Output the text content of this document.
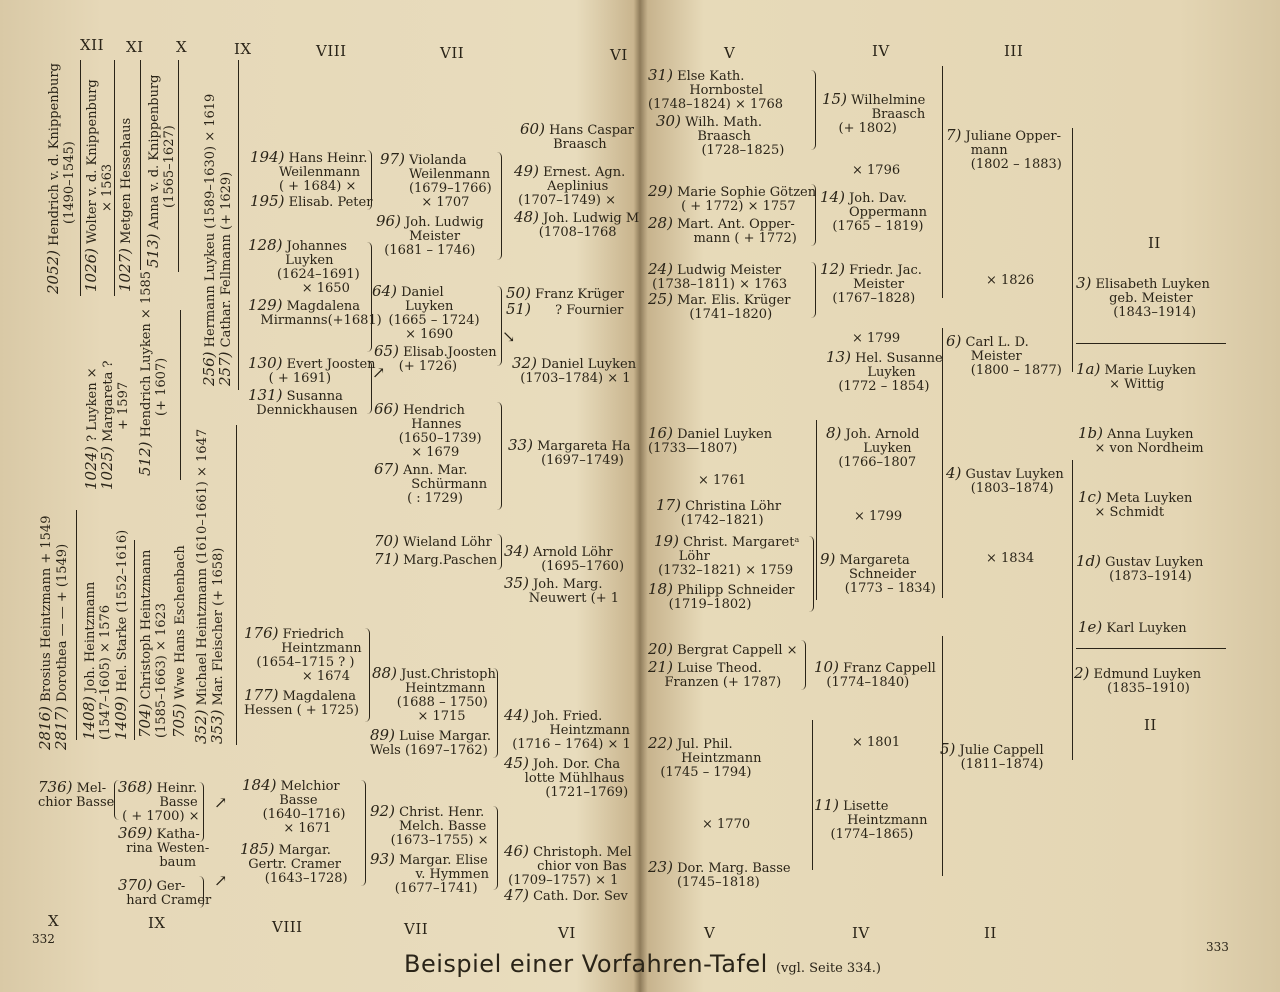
XII XI X	IX	VIII	VII	VI
2052) Hendrich v. d. Knippenburg
(1490–1545)
1026) Wolter v. d. Knippenburg
× 1563
1027) Metgen Hessehaus
513) Anna v. d. Knippenburg
(1565–1627)
1024) ? Luyken ×
1025) Margareta ?
+ 1597
512) Hendrich Luyken × 1585
(+ 1607) 256) Hermann Luykeu (1589–1630) × 1619
257) Cathar. Fellmann (+ 1629)
2816) Brosius Heintzmann + 1549
2817) Dorothea — — + (1549)
1408) Joh. Heintzmann
(1547–1605) × 1576 1409) Hel. Starke (1552–1616)
704) Christoph Heintzmann
(1585–1663) × 1623 705) Wwe Hans Eschenbach
352) Michael Heintzmann (1610–1661) × 1647
353) Mar. Fleischer (+ 1658)
194) Hans Heinr.
Weilenmann
( + 1684) ×
195) Elisab. Peter
128) Johannes
Luyken
(1624–1691)
× 1650
129) Magdalena
Mirmanns(+1681)
130) Evert Joosten
( + 1691)
131) Susanna
Dennickhausen
97) Violanda
Weilenmann
(1679–1766)
× 1707
96) Joh. Ludwig
Meister
(1681 – 1746)
64) Daniel
Luyken
(1665 – 1724)
× 1690
65) Elisab.Joosten
(+ 1726)
66) Hendrich
Hannes
(1650–1739)
× 1679
67) Ann. Mar.
Schürmann
( : 1729)
70) Wieland Löhr
71) Marg.Paschen
60) Hans Caspar
Braasch
49) Ernest. Agn.
Aeplinius
(1707–1749) ×
48) Joh. Ludwig M
(1708–1768
50) Franz Krüger
51) ? Fournier
32) Daniel Luyken
(1703–1784) × 1
33) Margareta Ha
(1697–1749)
34) Arnold Löhr
(1695–1760)
35) Joh. Marg.
Neuwert (+ 1
176) Friedrich
Heintzmann
(1654–1715 ? )
× 1674
177) Magdalena
Hessen ( + 1725)
88) Just.Christoph
Heintzmann
(1688 – 1750)
× 1715
89) Luise Margar.
Wels (1697–1762)
44) Joh. Fried.
Heintzmann
(1716 – 1764) × 1
45) Joh. Dor. Cha
lotte Mühlhaus
(1721–1769)
736) Mel-
chior Basse
368) Heinr.
Basse
( + 1700) ×
369) Katha-
rina Westen-
baum
370) Ger-
hard Cramer
↗
↗
↗
↘
184) Melchior
Basse
(1640–1716)
× 1671
185) Margar.
Gertr. Cramer
(1643–1728)
92) Christ. Henr.
Melch. Basse
(1673–1755) ×
93) Margar. Elise
v. Hymmen
(1677–1741)
46) Christoph. Mel
chior von Bas
(1709–1757) × 1
47) Cath. Dor. Sev
X
332
IX	VIII	VII	VI
V	IV	III
31) Else Kath.
Hornbostel
(1748–1824) × 1768
30) Wilh. Math.
Braasch
(1728–1825)
15) Wilhelmine
Braasch
(+ 1802)	7) Juliane Opper-
mann
(1802 – 1883)
× 1796
29) Marie Sophie Götzen
( + 1772) × 1757
28) Mart. Ant. Opper-
mann ( + 1772)
14) Joh. Dav.
Oppermann
(1765 – 1819)
24) Ludwig Meister
(1738–1811) × 1763
25) Mar. Elis. Krüger
(1741–1820)
12) Friedr. Jac.
Meister
(1767–1828)
× 1826	3) Elisabeth Luyken
geb. Meister
(1843–1914)
II
× 1799
13) Hel. Susanne
Luyken
(1772 – 1854)
6) Carl L. D.
Meister
(1800 – 1877) 1a) Marie Luyken
× Wittig
16) Daniel Luyken
(1733—1807)
8) Joh. Arnold
Luyken
(1766–1807
1b) Anna Luyken
× von Nordheim
× 1761	4) Gustav Luyken
(1803–1874)
17) Christina Löhr
(1742–1821)	× 1799
1c) Meta Luyken
× Schmidt
19) Christ. Margaretᵃ
Löhr
(1732–1821) × 1759
18) Philipp Schneider
(1719–1802)
9) Margareta
Schneider
(1773 – 1834)
× 1834	1d) Gustav Luyken
(1873–1914)
1e) Karl Luyken
20) Bergrat Cappell ×
21) Luise Theod.
Franzen (+ 1787)
10) Franz Cappell
(1774–1840)
2) Edmund Luyken
(1835–1910)
II
22) Jul. Phil.
Heintzmann
(1745 – 1794)
× 1801	5) Julie Cappell
(1811–1874)
11) Lisette
Heintzmann
(1774–1865)
× 1770
23) Dor. Marg. Basse
(1745–1818)
V	IV	II
333
Beispiel einer Vorfahren-Tafel (vgl. Seite 334.)
